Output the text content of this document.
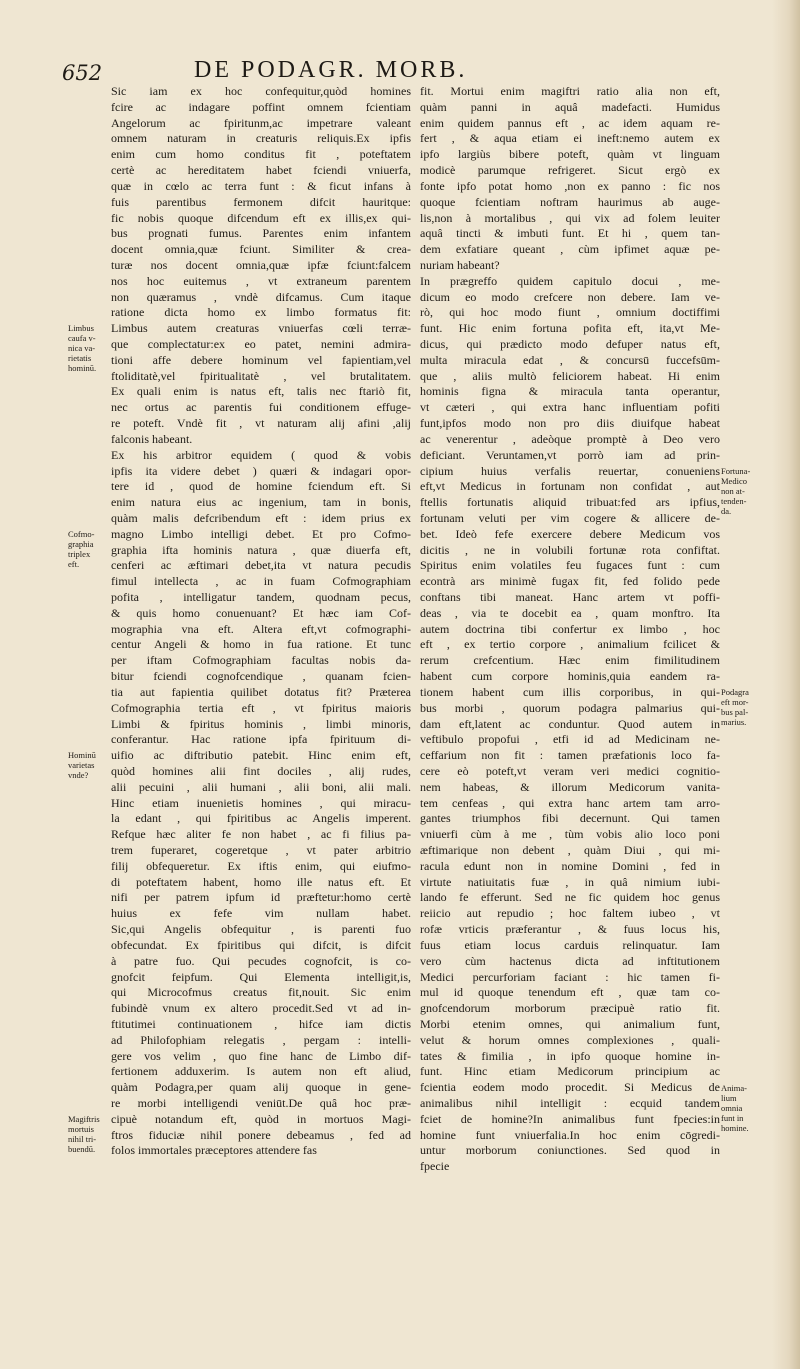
652	DE PODAGR. MORB.
Sic iam ex hoc confequitur,quòd homines
fcire ac indagare poffint omnem fcientiam
Angelorum ac fpiritunm,ac impetrare valeant
omnem naturam in creaturis reliquis.Ex ipfis
enim cum homo conditus fit , poteftatem
certè ac hereditatem habet fciendi vniuerfa,
quæ in cœlo ac terra funt : & ficut infans à
fuis parentibus fermonem difcit hauritque:
fic nobis quoque difcendum eft ex illis,ex qui-
bus prognati fumus. Parentes enim infantem
docent omnia,quæ fciunt. Similiter & crea-
turæ nos docent omnia,quæ ipfæ fciunt:falcem
nos hoc euitemus , vt extraneum parentem
non quæramus , vndè difcamus. Cum itaque
ratione dicta homo ex limbo formatus fit:
Limbus autem creaturas vniuerfas cœli terræ-
que complectatur:ex eo patet, nemini admira-
tioni affe debere hominum vel fapientiam,vel
ftoliditatè,vel fpiritualitatè , vel brutalitatem.
Ex quali enim is natus eft, talis nec ftariò fit,
nec ortus ac parentis fui conditionem effuge-
re poteft. Vndè fit , vt naturam alij afini ,alij
falconis habeant.
Ex his arbitror equidem ( quod & vobis
ipfis ita videre debet ) quæri & indagari opor-
tere id , quod de homine fciendum eft. Si
enim natura eius ac ingenium, tam in bonis,
quàm malis defcribendum eft : idem prius ex
magno Limbo intelligi debet. Et pro Cofmo-
graphia ifta hominis natura , quæ diuerfa eft,
cenferi ac æftimari debet,ita vt natura pecudis
fimul intellecta , ac in fuam Cofmographiam
pofita , intelligatur tandem, quodnam pecus,
& quis homo conuenuant? Et hæc iam Cof-
mographia vna eft. Altera eft,vt cofmographi-
centur Angeli & homo in fua ratione. Et tunc
per iftam Cofmographiam facultas nobis da-
bitur fciendi cognofcendique , quanam fcien-
tia aut fapientia quilibet dotatus fit? Præterea
Cofmographia tertia eft , vt fpiritus maioris
Limbi & fpiritus hominis , limbi minoris,
conferantur. Hac ratione ipfa fpirituum di-
uifio ac diftributio patebit. Hinc enim eft,
quòd homines alii fint dociles , alij rudes,
alii pecuini , alii humani , alii boni, alii mali.
Hinc etiam inuenietis homines , qui miracu-
la edant , qui fpiritibus ac Angelis imperent.
Refque hæc aliter fe non habet , ac fi filius pa-
trem fuperaret, cogeretque , vt pater arbitrio
filij obfequeretur. Ex iftis enim, qui eiufmo-
di poteftatem habent, homo ille natus eft. Et
nifi per patrem ipfum id præftetur:homo certè
huius ex fefe vim nullam habet.
Sic,qui Angelis obfequitur , is parenti fuo
obfecundat. Ex fpiritibus qui difcit, is difcit
à patre fuo. Qui pecudes cognofcit, is co-
gnofcit feipfum. Qui Elementa intelligit,is,
qui Microcofmus creatus fit,nouit. Sic enim
fubindè vnum ex altero procedit.Sed vt ad in-
ftitutimei continuationem , hifce iam dictis
ad Philofophiam relegatis , pergam : intelli-
gere vos velim , quo fine hanc de Limbo dif-
fertionem adduxerim. Is autem non eft aliud,
quàm Podagra,per quam alij quoque in gene-
re morbi intelligendi veniūt.De quâ hoc præ-
cipuè notandum eft, quòd in mortuos Magi-
ftros fiduciæ nihil ponere debeamus , fed ad
folos immortales præceptores attendere fas
fit. Mortui enim magiftri ratio alia non eft,
quàm panni in aquâ madefacti. Humidus
enim quidem pannus eft , ac idem aquam re-
fert , & aqua etiam ei ineft:nemo autem ex
ipfo largiùs bibere poteft, quàm vt linguam
modicè parumque refrigeret. Sicut ergò ex
fonte ipfo potat homo ,non ex panno : fic nos
quoque fcientiam noftram haurimus ab auge-
lis,non à mortalibus , qui vix ad folem leuiter
aquâ tincti & imbuti funt. Et hi , quem tan-
dem exfatiare queant , cùm ipfimet aquæ pe-
nuriam habeant?
In prægreffo quidem capitulo docui , me-
dicum eo modo crefcere non debere. Iam ve-
rò, qui hoc modo fiunt , omnium doctiffimi
funt. Hic enim fortuna pofita eft, ita,vt Me-
dicus, qui prædicto modo defuper natus eft,
multa miracula edat , & concursū fuccefsūm-
que , aliis multò feliciorem habeat. Hi enim
hominis figna & miracula tanta operantur,
vt cæteri , qui extra hanc influentiam pofiti
funt,ipfos modo non pro diis diuifque habeat
ac venerentur , adeòque promptè à Deo vero
deficiant. Veruntamen,vt porrò iam ad prin-
cipium huius verfalis reuertar, conueniens
eft,vt Medicus in fortunam non confidat , aut
ftellis fortunatis aliquid tribuat:fed ars ipfius,
fortunam veluti per vim cogere & allicere de-
bet. Ideò fefe exercere debere Medicum vos
dicitis , ne in volubili fortunæ rota confiftat.
Spiritus enim volatiles feu fugaces funt : cum
econtrà ars minimè fugax fit, fed folido pede
conftans tibi maneat. Hanc artem vt poffi-
deas , via te docebit ea , quam monftro. Ita
autem doctrina tibi confertur ex limbo , hoc
eft , ex tertio corpore , animalium fcilicet &
rerum crefcentium. Hæc enim fimilitudinem
habent cum corpore hominis,quia eandem ra-
tionem habent cum illis corporibus, in qui-
bus morbi , quorum podagra palmarius qui-
dam eft,latent ac conduntur. Quod autem in
veftibulo propofui , etfi id ad Medicinam ne-
ceffarium non fit : tamen præfationis loco fa-
cere eò poteft,vt veram veri medici cognitio-
nem habeas, & illorum Medicorum vanita-
tem cenfeas , qui extra hanc artem tam arro-
gantes triumphos fibi decernunt. Qui tamen
vniuerfi cùm à me , tùm vobis alio loco poni
æftimarique non debent , quàm Diui , qui mi-
racula edunt non in nomine Domini , fed in
virtute natiuitatis fuæ , in quâ nimium iubi-
lando fe efferunt. Sed ne fic quidem hoc genus
reiicio aut repudio ; hoc faltem iubeo , vt
rofæ vrticis præferantur , & fuus locus his,
fuus etiam locus carduis relinquatur. Iam
vero cùm hactenus dicta ad inftitutionem
Medici percurforiam faciant : hic tamen fi-
mul id quoque tenendum eft , quæ tam co-
gnofcendorum morborum præcipuè ratio fit.
Morbi etenim omnes, qui animalium funt,
velut & horum omnes complexiones , quali-
tates & fimilia , in ipfo quoque homine in-
funt. Hinc etiam Medicorum principium ac
fcientia eodem modo procedit. Si Medicus de
animalibus nihil intelligit : ecquid tandem
fciet de homine?In animalibus funt fpecies:in
homine funt vniuerfalia.In hoc enim cōgredi-
untur morborum coniunctiones. Sed quod in
fpecie
Limbus
caufa v-
nica va-
rietatis
hominū.
Cofmo-
graphia
triplex
eft.
Hominū
varietas
vnde?
Magiftris
mortuis
nihil tri-
buendū.
Fortuna-
Medico
non at-
tenden-
da.
Podagra
eft mor-
bus pal-
marius.
Anima-
lium
omnia
funt in
homine.
